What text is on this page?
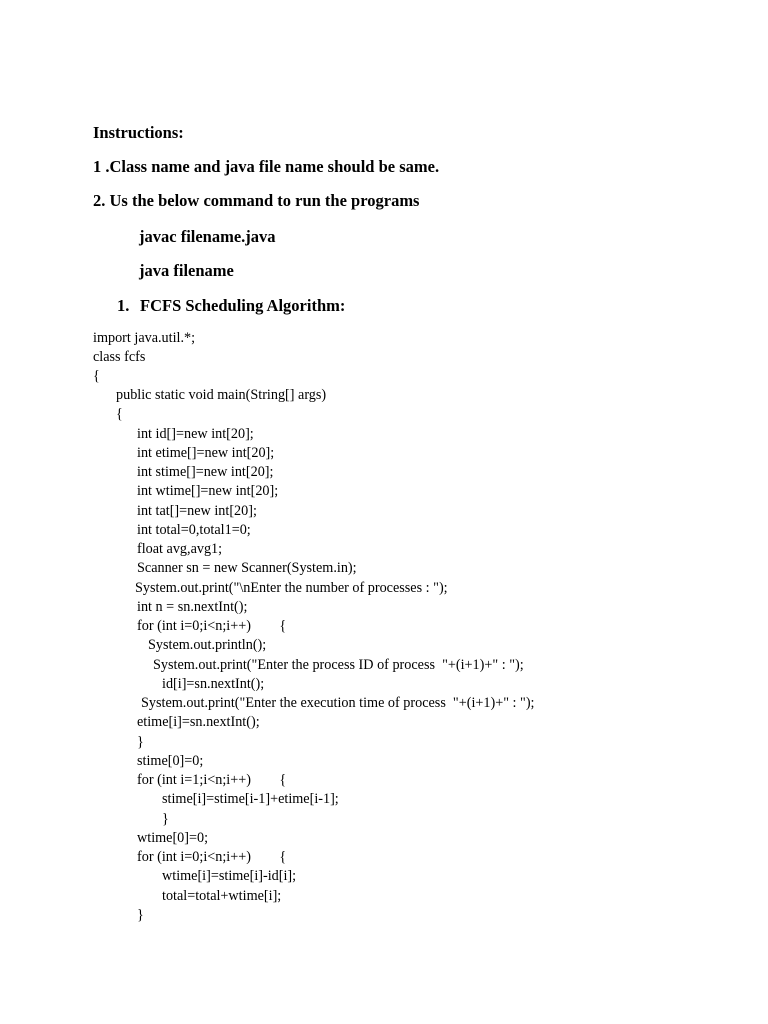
Instructions:
1 .Class name and java file name should be same.
2. Us the below command to run the programs
javac filename.java
java filename
1. FCFS Scheduling Algorithm:
import java.util.*;
class fcfs
{
public static void main(String[] args)
{
int id[]=new int[20];
int etime[]=new int[20];
int stime[]=new int[20];
int wtime[]=new int[20];
int tat[]=new int[20];
int total=0,total1=0;
float avg,avg1;
Scanner sn = new Scanner(System.in);
System.out.print("\nEnter the number of processes : ");
int n = sn.nextInt();
for (int i=0;i<n;i++)        {
System.out.println();
System.out.print("Enter the process ID of process  "+(i+1)+" : ");
id[i]=sn.nextInt();
System.out.print("Enter the execution time of process  "+(i+1)+" : ");
etime[i]=sn.nextInt();
}
stime[0]=0;
for (int i=1;i<n;i++)        {
stime[i]=stime[i-1]+etime[i-1];
}
wtime[0]=0;
for (int i=0;i<n;i++)        {
wtime[i]=stime[i]-id[i];
total=total+wtime[i];
}
